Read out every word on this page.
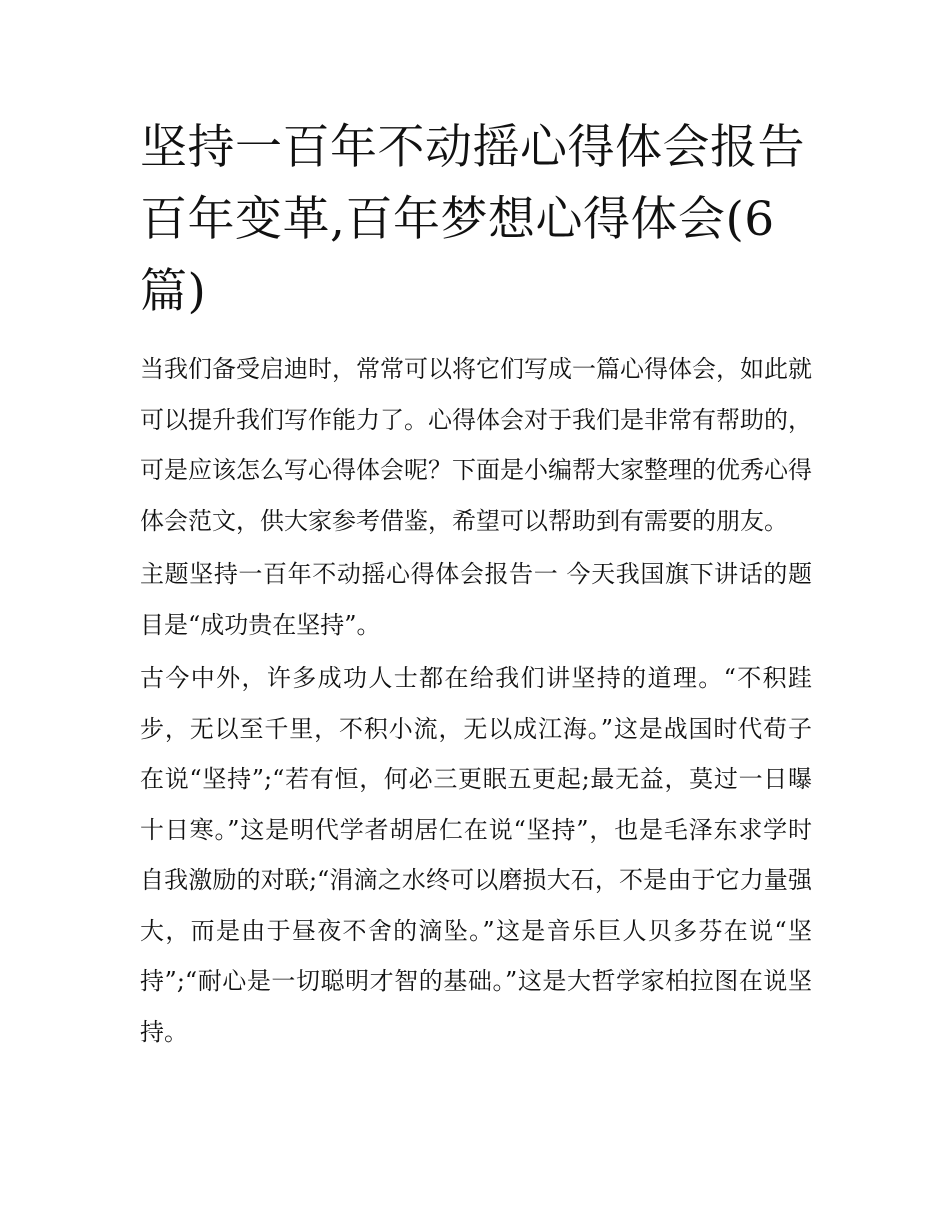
坚持一百年不动摇心得体会报告 百年变革,百年梦想心得体会(6篇)

当我们备受启迪时，常常可以将它们写成一篇心得体会，如此就可以提升我们写作能力了。心得体会对于我们是非常有帮助的，可是应该怎么写心得体会呢？下面是小编帮大家整理的优秀心得体会范文，供大家参考借鉴，希望可以帮助到有需要的朋友。

主题坚持一百年不动摇心得体会报告一 今天我国旗下讲话的题目是“成功贵在坚持”。

古今中外，许多成功人士都在给我们讲坚持的道理。“不积跬步，无以至千里，不积小流，无以成江海。”这是战国时代荀子在说“坚持”;“若有恒，何必三更眠五更起;最无益，莫过一日曝十日寒。”这是明代学者胡居仁在说“坚持”，也是毛泽东求学时自我激励的对联;“涓滴之水终可以磨损大石，不是由于它力量强大，而是由于昼夜不舍的滴坠。”这是音乐巨人贝多芬在说“坚持”;“耐心是一切聪明才智的基础。”这是大哲学家柏拉图在说坚持。
